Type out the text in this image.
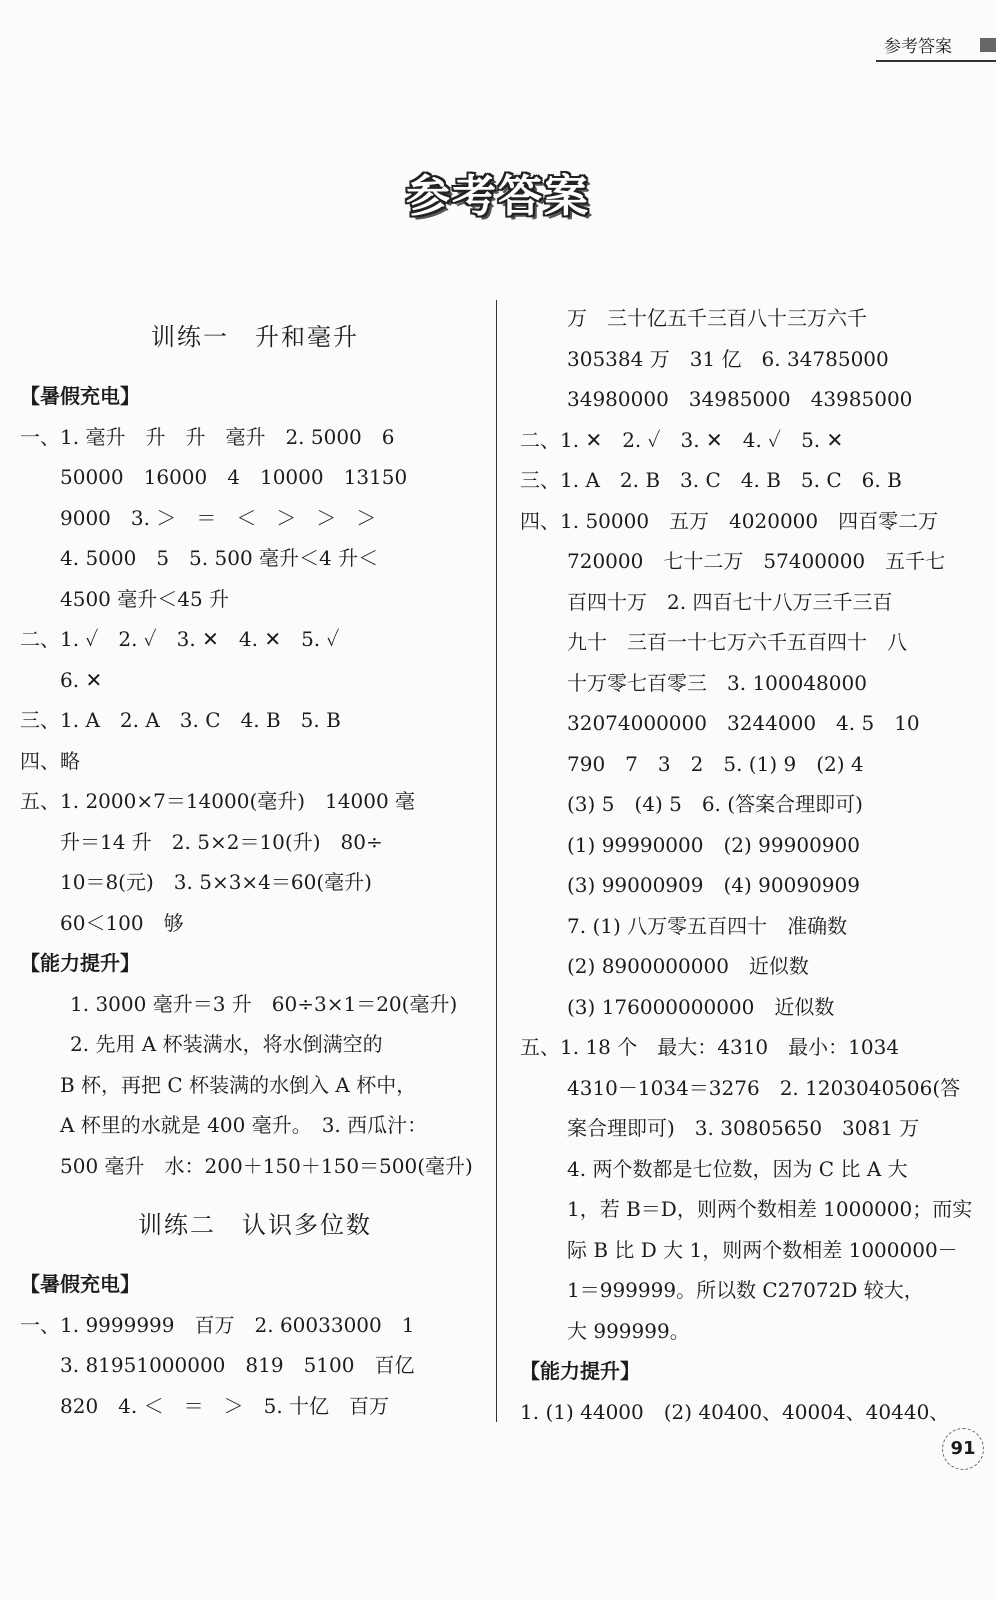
参考答案
参考答案
训练一　升和毫升
【暑假充电】
一、1. 毫升　升　升　毫升　2. 5000　6
50000　16000　4　10000　13150
9000　3. ＞　＝　＜　＞　＞　＞
4. 5000　5　5. 500 毫升＜4 升＜
4500 毫升＜45 升
二、1. ✓　2. ✓　3. ✕　4. ✕　5. ✓
6. ✕
三、1. A　2. A　3. C　4. B　5. B
四、略
五、1. 2000×7＝14000(毫升)　14000 毫
升＝14 升　2. 5×2＝10(升)　80÷
10＝8(元)　3. 5×3×4＝60(毫升)
60＜100　够
【能力提升】
1. 3000 毫升＝3 升　60÷3×1＝20(毫升)
2. 先用 A 杯装满水，将水倒满空的
B 杯，再把 C 杯装满的水倒入 A 杯中，
A 杯里的水就是 400 毫升。　3. 西瓜汁：
500 毫升　水：200＋150＋150＝500(毫升)
训练二　认识多位数
【暑假充电】
一、1. 9999999　百万　2. 60033000　1
3. 81951000000　819　5100　百亿
820　4. ＜　＝　＞　5. 十亿　百万
万　三十亿五千三百八十三万六千
305384 万　31 亿　6. 34785000
34980000　34985000　43985000
二、1. ✕　2. ✓　3. ✕　4. ✓　5. ✕
三、1. A　2. B　3. C　4. B　5. C　6. B
四、1. 50000　五万　4020000　四百零二万
720000　七十二万　57400000　五千七
百四十万　2. 四百七十八万三千三百
九十　三百一十七万六千五百四十　八
十万零七百零三　3. 100048000
32074000000　3244000　4. 5　10
790　7　3　2　5. (1) 9　(2) 4
(3) 5　(4) 5　6. (答案合理即可)
(1) 99990000　(2) 99900900
(3) 99000909　(4) 90090909
7. (1) 八万零五百四十　准确数
(2) 8900000000　近似数
(3) 176000000000　近似数
五、1. 18 个　最大：4310　最小：1034
4310－1034＝3276　2. 1203040506(答
案合理即可)　3. 30805650　3081 万
4. 两个数都是七位数，因为 C 比 A 大
1，若 B＝D，则两个数相差 1000000；而实
际 B 比 D 大 1，则两个数相差 1000000－
1＝999999。所以数 C27072D 较大，
大 999999。
【能力提升】
1. (1) 44000　(2) 40400、40004、40440、
91
